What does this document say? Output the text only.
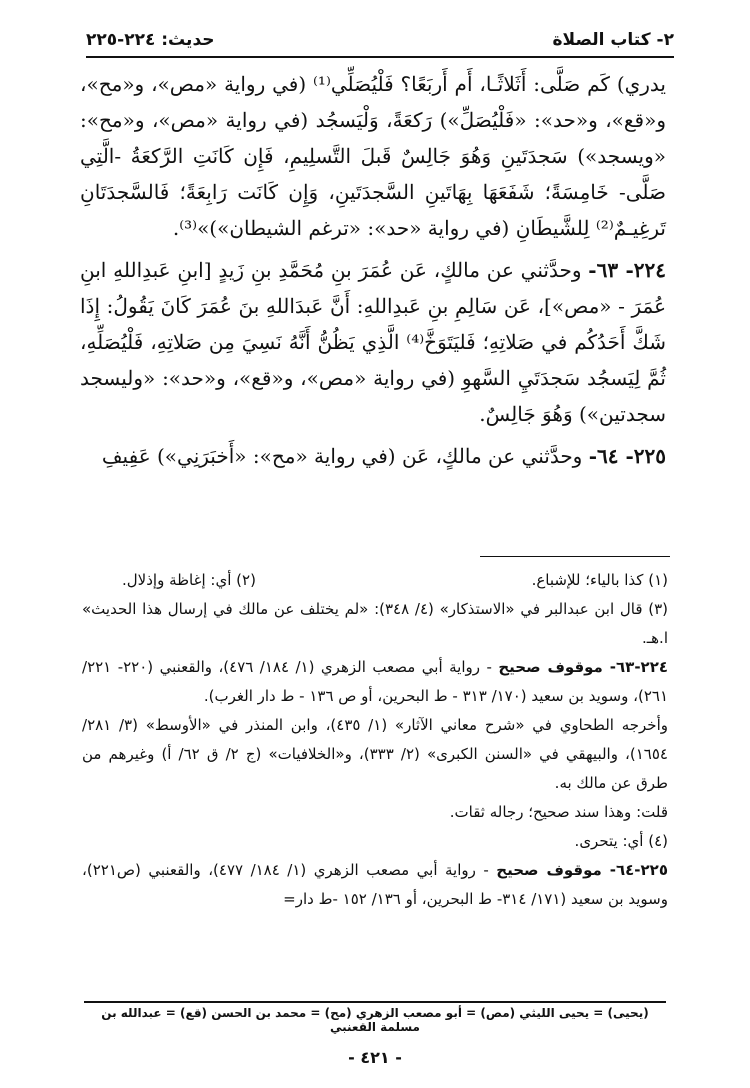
٢- كتاب الصلاة
حديث: ٢٢٤-٢٢٥

يدري) كَم صَلَّى: أَثَلاثًـا، أَم أَربَعًا؟ فَلْيُصَلِّي⁽¹⁾ (في رواية «مص»، و«مح»، و«قع»، و«حد»: «فَلْيُصَلِّ») رَكعَةً، وَلْيَسجُد (في رواية «مص»، و«مح»: «ويسجد») سَجدَتَينِ وَهُوَ جَالِسٌ قَبلَ التَّسلِيمِ، فَإِن كَانَتِ الرَّكعَةُ -الَّتِي صَلَّى- خَامِسَةً؛ شَفَعَهَا بِهَاتَينِ السَّجدَتَينِ، وَإِن كَانَت رَابِعَةً؛ فَالسَّجدَتَانِ تَرغِيـمٌ⁽²⁾ لِلشَّيطَانِ (في رواية «حد»: «ترغم الشيطان»)»⁽³⁾.

٢٢٤- ٦٣- وحدَّثني عن مالكٍ، عَن عُمَرَ بنِ مُحَمَّدِ بنِ زَيدٍ [ابنِ عَبدِاللهِ ابنِ عُمَرَ - «مص»]، عَن سَالِمِ بنِ عَبدِاللهِ: أَنَّ عَبدَاللهِ بنَ عُمَرَ كَانَ يَقُولُ: إِذَا شَكَّ أَحَدُكُم في صَلاتِهِ؛ فَليَتَوَخَّ⁽⁴⁾ الَّذِي يَظُنُّ أَنَّهُ نَسِيَ مِن صَلاتِهِ، فَلْيُصَلِّهِ، ثُمَّ لِيَسجُد سَجدَتَيِ السَّهوِ (في رواية «مص»، و«قع»، و«حد»: «وليسجد سجدتين») وَهُوَ جَالِسٌ.

٢٢٥- ٦٤- وحدَّثني عن مالكٍ، عَن (في رواية «مح»: «أَخبَرَنِي») عَفِيفِ

(١) كذا بالياء؛ للإشباع.
(٢) أي: إغاظة وإذلال.

(٣) قال ابن عبدالبر في «الاستذكار» (٤/ ٣٤٨): «لم يختلف عن مالك في إرسال هذا الحديث» ا.هـ.

٢٢٤-٦٣- موقوف صحيح - رواية أبي مصعب الزهري (١/ ١٨٤/ ٤٧٦)، والقعنبي (٢٢٠- ٢٢١/ ٢٦١)، وسويد بن سعيد (١٧٠/ ٣١٣ - ط البحرين، أو ص ١٣٦ - ط دار الغرب).

وأخرجه الطحاوي في «شرح معاني الآثار» (١/ ٤٣٥)، وابن المنذر في «الأوسط» (٣/ ٢٨١/ ١٦٥٤)، والبيهقي في «السنن الكبرى» (٢/ ٣٣٣)، و«الخلافيات» (ج ٢/ ق ٦٢/ أ) وغيرهم من طرق عن مالك به.

قلت: وهذا سند صحيح؛ رجاله ثقات.

(٤) أي: يتحرى.

٢٢٥-٦٤- موقوف صحيح - رواية أبي مصعب الزهري (١/ ١٨٤/ ٤٧٧)، والقعنبي (ص٢٢١)، وسويد بن سعيد (١٧١/ ٣١٤- ط البحرين، أو ١٣٦/ ١٥٢ -ط دار=

(يحيى) = يحيى الليثي (مص) = أبو مصعب الزهري (مح) = محمد بن الحسن (قع) = عبدالله بن مسلمة القعنبي
- ٤٢١ -
